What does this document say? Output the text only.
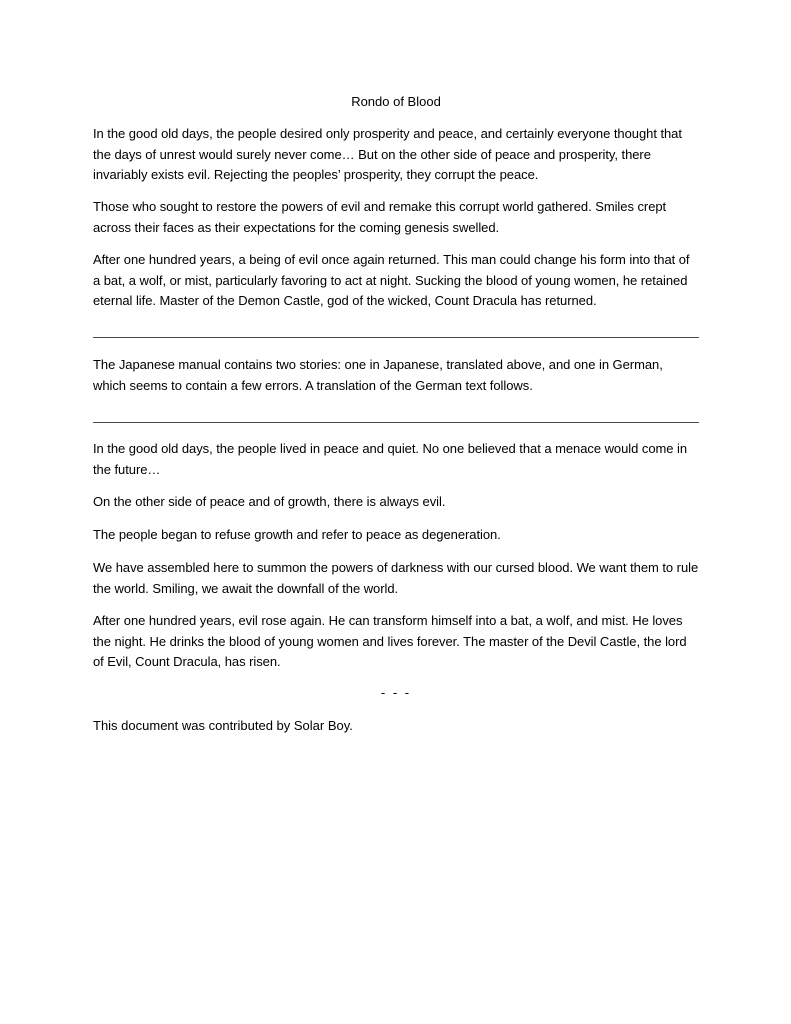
Rondo of Blood

In the good old days, the people desired only prosperity and peace, and certainly everyone thought that the days of unrest would surely never come… But on the other side of peace and prosperity, there invariably exists evil. Rejecting the peoples’ prosperity, they corrupt the peace.

Those who sought to restore the powers of evil and remake this corrupt world gathered. Smiles crept across their faces as their expectations for the coming genesis swelled.

After one hundred years, a being of evil once again returned. This man could change his form into that of a bat, a wolf, or mist, particularly favoring to act at night. Sucking the blood of young women, he retained eternal life. Master of the Demon Castle, god of the wicked, Count Dracula has returned.

The Japanese manual contains two stories: one in Japanese, translated above, and one in German, which seems to contain a few errors. A translation of the German text follows.

In the good old days, the people lived in peace and quiet. No one believed that a menace would come in the future…

On the other side of peace and of growth, there is always evil.

The people began to refuse growth and refer to peace as degeneration.

We have assembled here to summon the powers of darkness with our cursed blood. We want them to rule the world. Smiling, we await the downfall of the world.

After one hundred years, evil rose again. He can transform himself into a bat, a wolf, and mist. He loves the night. He drinks the blood of young women and lives forever. The master of the Devil Castle, the lord of Evil, Count Dracula, has risen.

- - -

This document was contributed by Solar Boy.
